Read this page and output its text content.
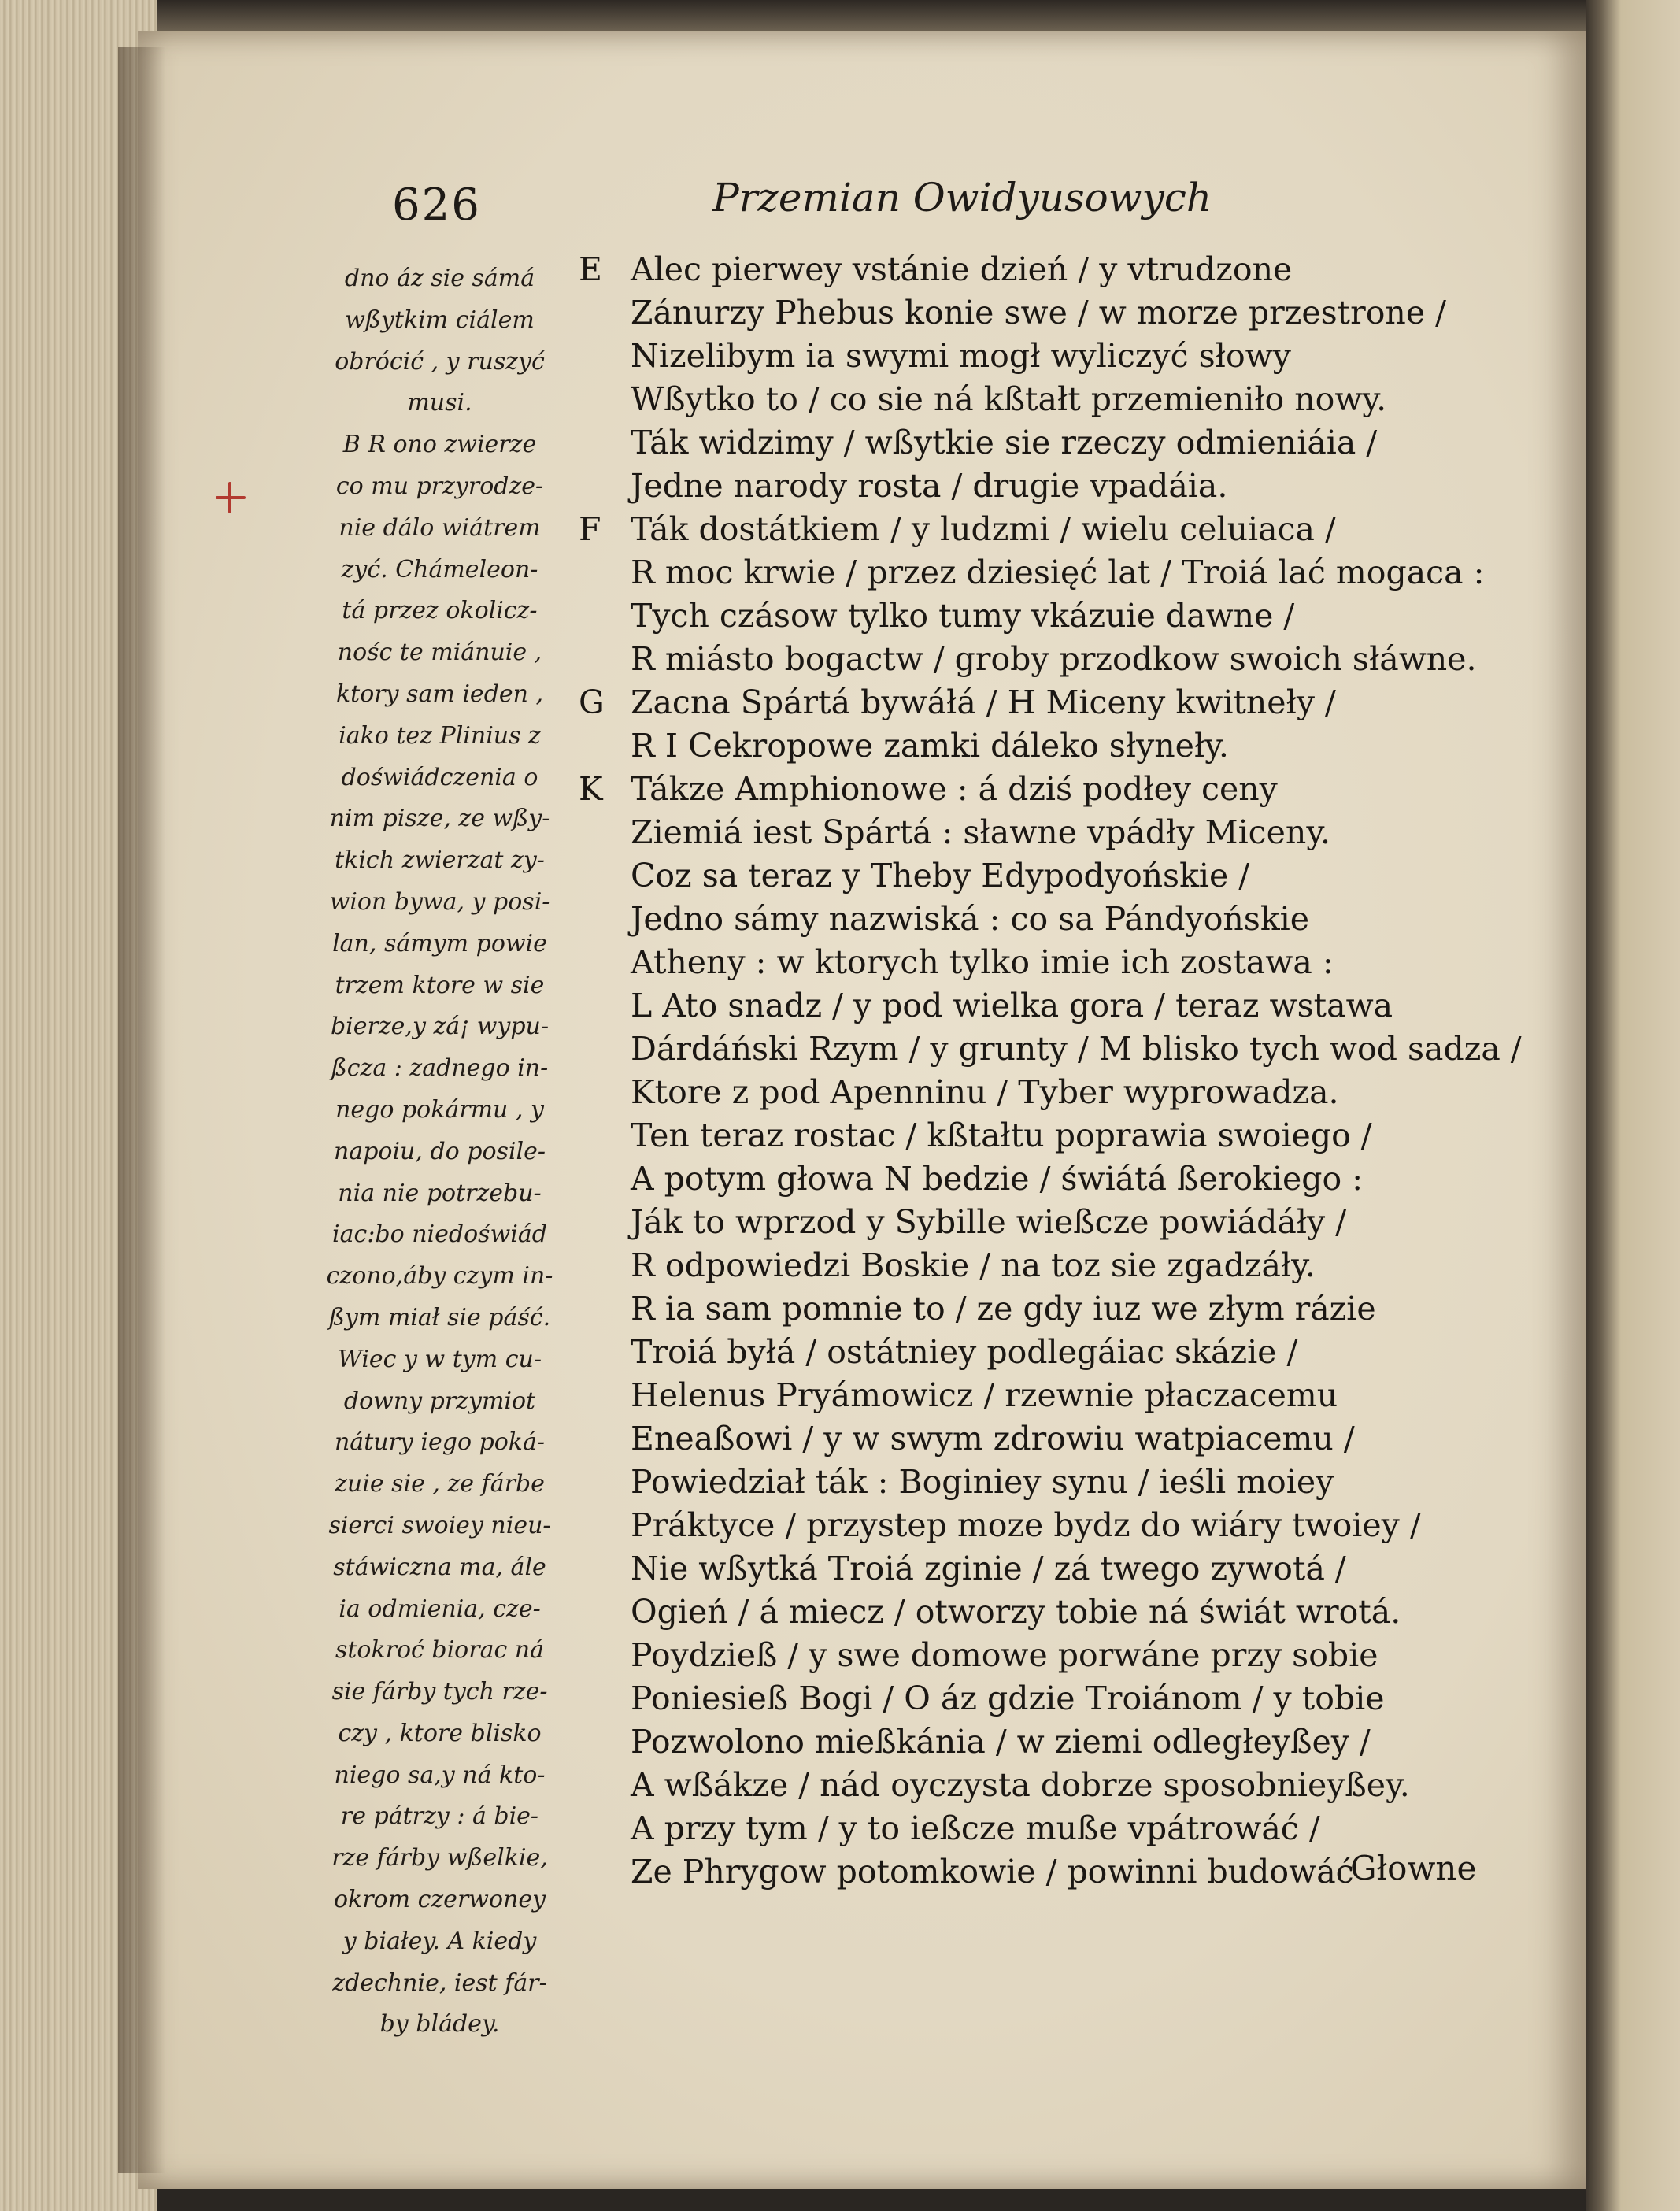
626	Przemian Owidyusowych
dno áz sie sámá
wßytkim ciálem
obrócić , y ruszyć
musi.
B R ono zwierze
co mu przyrodze-
nie dálo wiátrem
zyć. Chámeleon-
tá przez okolicz-
nośc te miánuie ,
ktory sam ieden ,
iako tez Plinius z
doświádczenia o
nim pisze, ze wßy-
tkich zwierzat zy-
wion bywa, y posi-
lan, sámym powie
trzem ktore w sie
bierze,y zá¡ wypu-
ßcza : zadnego in-
nego pokármu , y
napoiu, do posile-
nia nie potrzebu-
iac:bo niedoświád
czono,áby czym in-
ßym miał sie páść.
Wiec y w tym cu-
downy przymiot
nátury iego poká-
zuie sie , ze fárbe
sierci swoiey nieu-
stáwiczna ma, ále
ia odmienia, cze-
stokroć biorac ná
sie fárby tych rze-
czy , ktore blisko
niego sa,y ná kto-
re pátrzy : á bie-
rze fárby wßelkie,
okrom czerwoney
y białey. A kiedy
zdechnie, iest fár-
by bládey.
E Alec pierwey vstánie dzień / y vtrudzone
Zánurzy Phebus konie swe / w morze przestrone /
Nizelibym ia swymi mogł wyliczyć słowy
Wßytko to / co sie ná kßtałt przemieniło nowy.
Ták widzimy / wßytkie sie rzeczy odmieniáia /
Jedne narody rosta / drugie vpadáia.
F Ták dostátkiem / y ludzmi / wielu celuiaca /
R moc krwie / przez dziesięć lat / Troiá lać mogaca :
Tych czásow tylko tumy vkázuie dawne /
R miásto bogactw / groby przodkow swoich słáwne.
G Zacna Spártá bywáłá / H Miceny kwitneły /
R I Cekropowe zamki dáleko słyneły.
K Tákze Amphionowe : á dziś podłey ceny
Ziemiá iest Spártá : sławne vpádły Miceny.
Coz sa teraz y Theby Edypodyońskie /
Jedno sámy nazwiská : co sa Pándyońskie
Atheny : w ktorych tylko imie ich zostawa :
L Ato snadz / y pod wielka gora / teraz wstawa
Dárdáński Rzym / y grunty / M blisko tych wod sadza /
Ktore z pod Apenninu / Tyber wyprowadza.
Ten teraz rostac / kßtałtu poprawia swoiego /
A potym głowa N bedzie / świátá ßerokiego :
Ják to wprzod y Sybille wießcze powiádáły /
R odpowiedzi Boskie / na toz sie zgadzáły.
R ia sam pomnie to / ze gdy iuz we złym rázie
Troiá byłá / ostátniey podlegáiac skázie /
Helenus Pryámowicz / rzewnie płaczacemu
Eneaßowi / y w swym zdrowiu watpiacemu /
Powiedział ták : Boginiey synu / ieśli moiey
Práktyce / przystep moze bydz do wiáry twoiey /
Nie wßytká Troiá zginie / zá twego zywotá /
Ogień / á miecz / otworzy tobie ná świát wrotá.
Poydzieß / y swe domowe porwáne przy sobie
Poniesieß Bogi / O áz gdzie Troiánom / y tobie
Pozwolono mießkánia / w ziemi odległeyßey /
A wßákze / nád oyczysta dobrze sposobnieyßey.
A przy tym / y to ießcze muße vpátrowáć /
Ze Phrygow potomkowie / powinni budowáć
Głowne
